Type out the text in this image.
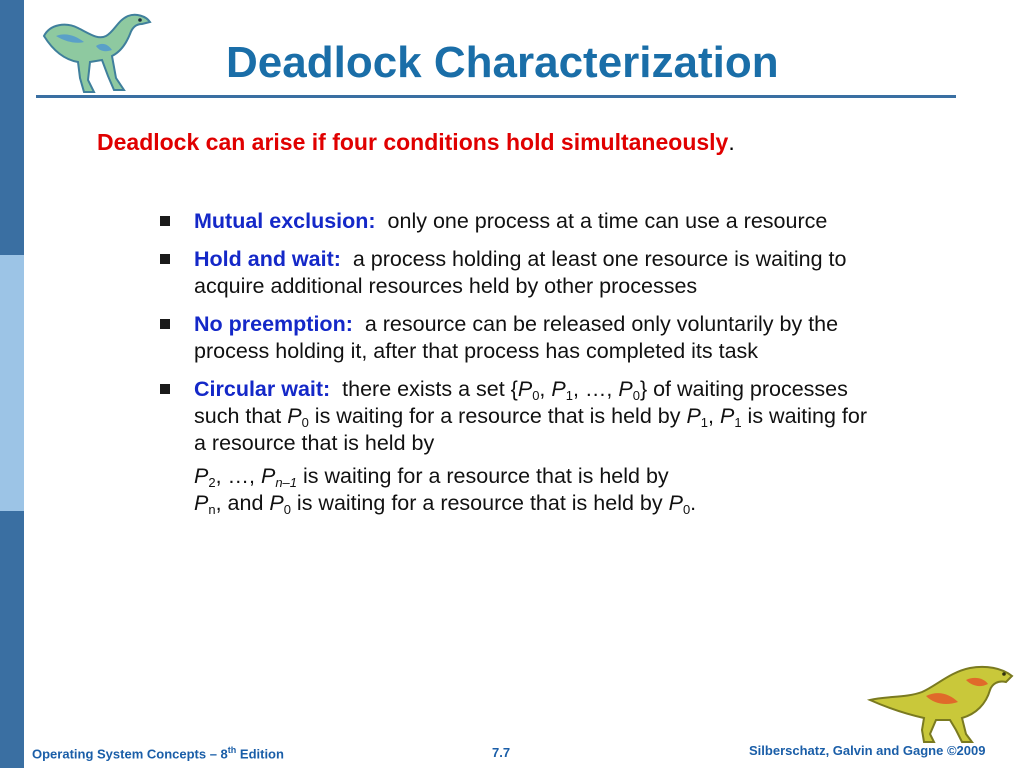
Deadlock Characterization
Deadlock can arise if four conditions hold simultaneously.
Mutual exclusion: only one process at a time can use a resource
Hold and wait: a process holding at least one resource is waiting to acquire additional resources held by other processes
No preemption: a resource can be released only voluntarily by the process holding it, after that process has completed its task
Circular wait: there exists a set {$P_0$, $P_1$, …, $P_0$} of waiting processes such that $P_0$ is waiting for a resource that is held by $P_1$, $P_1$ is waiting for a resource that is held by
$P_2$, …, $P_{n-1}$ is waiting for a resource that is held by
$P_n$, and $P_0$ is waiting for a resource that is held by $P_0$.
Operating System Concepts – 8th Edition	7.7	Silberschatz, Galvin and Gagne ©2009
